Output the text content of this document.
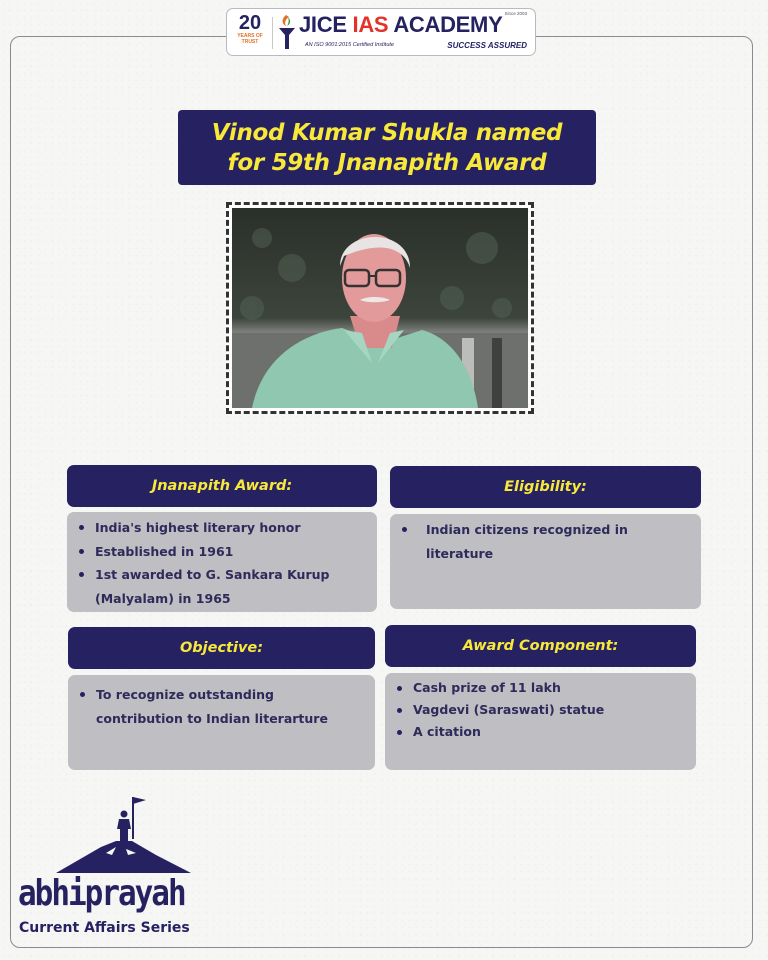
20
YEARS OF TRUST
JICE IAS ACADEMY
AN ISO 9001:2015 Certified Institute	SUCCESS ASSURED
Since 2003
Vinod Kumar Shukla named
for 59th Jnanapith Award
Jnanapith Award:
India's highest literary honor
Established in 1961
1st awarded to G. Sankara Kurup (Malyalam) in 1965
Eligibility:
Indian citizens recognized in literature
Objective:
To recognize outstanding contribution to Indian literarture
Award Component:
Cash prize of 11 lakh
Vagdevi (Saraswati) statue
A citation
abhiprayah
Current Affairs Series
